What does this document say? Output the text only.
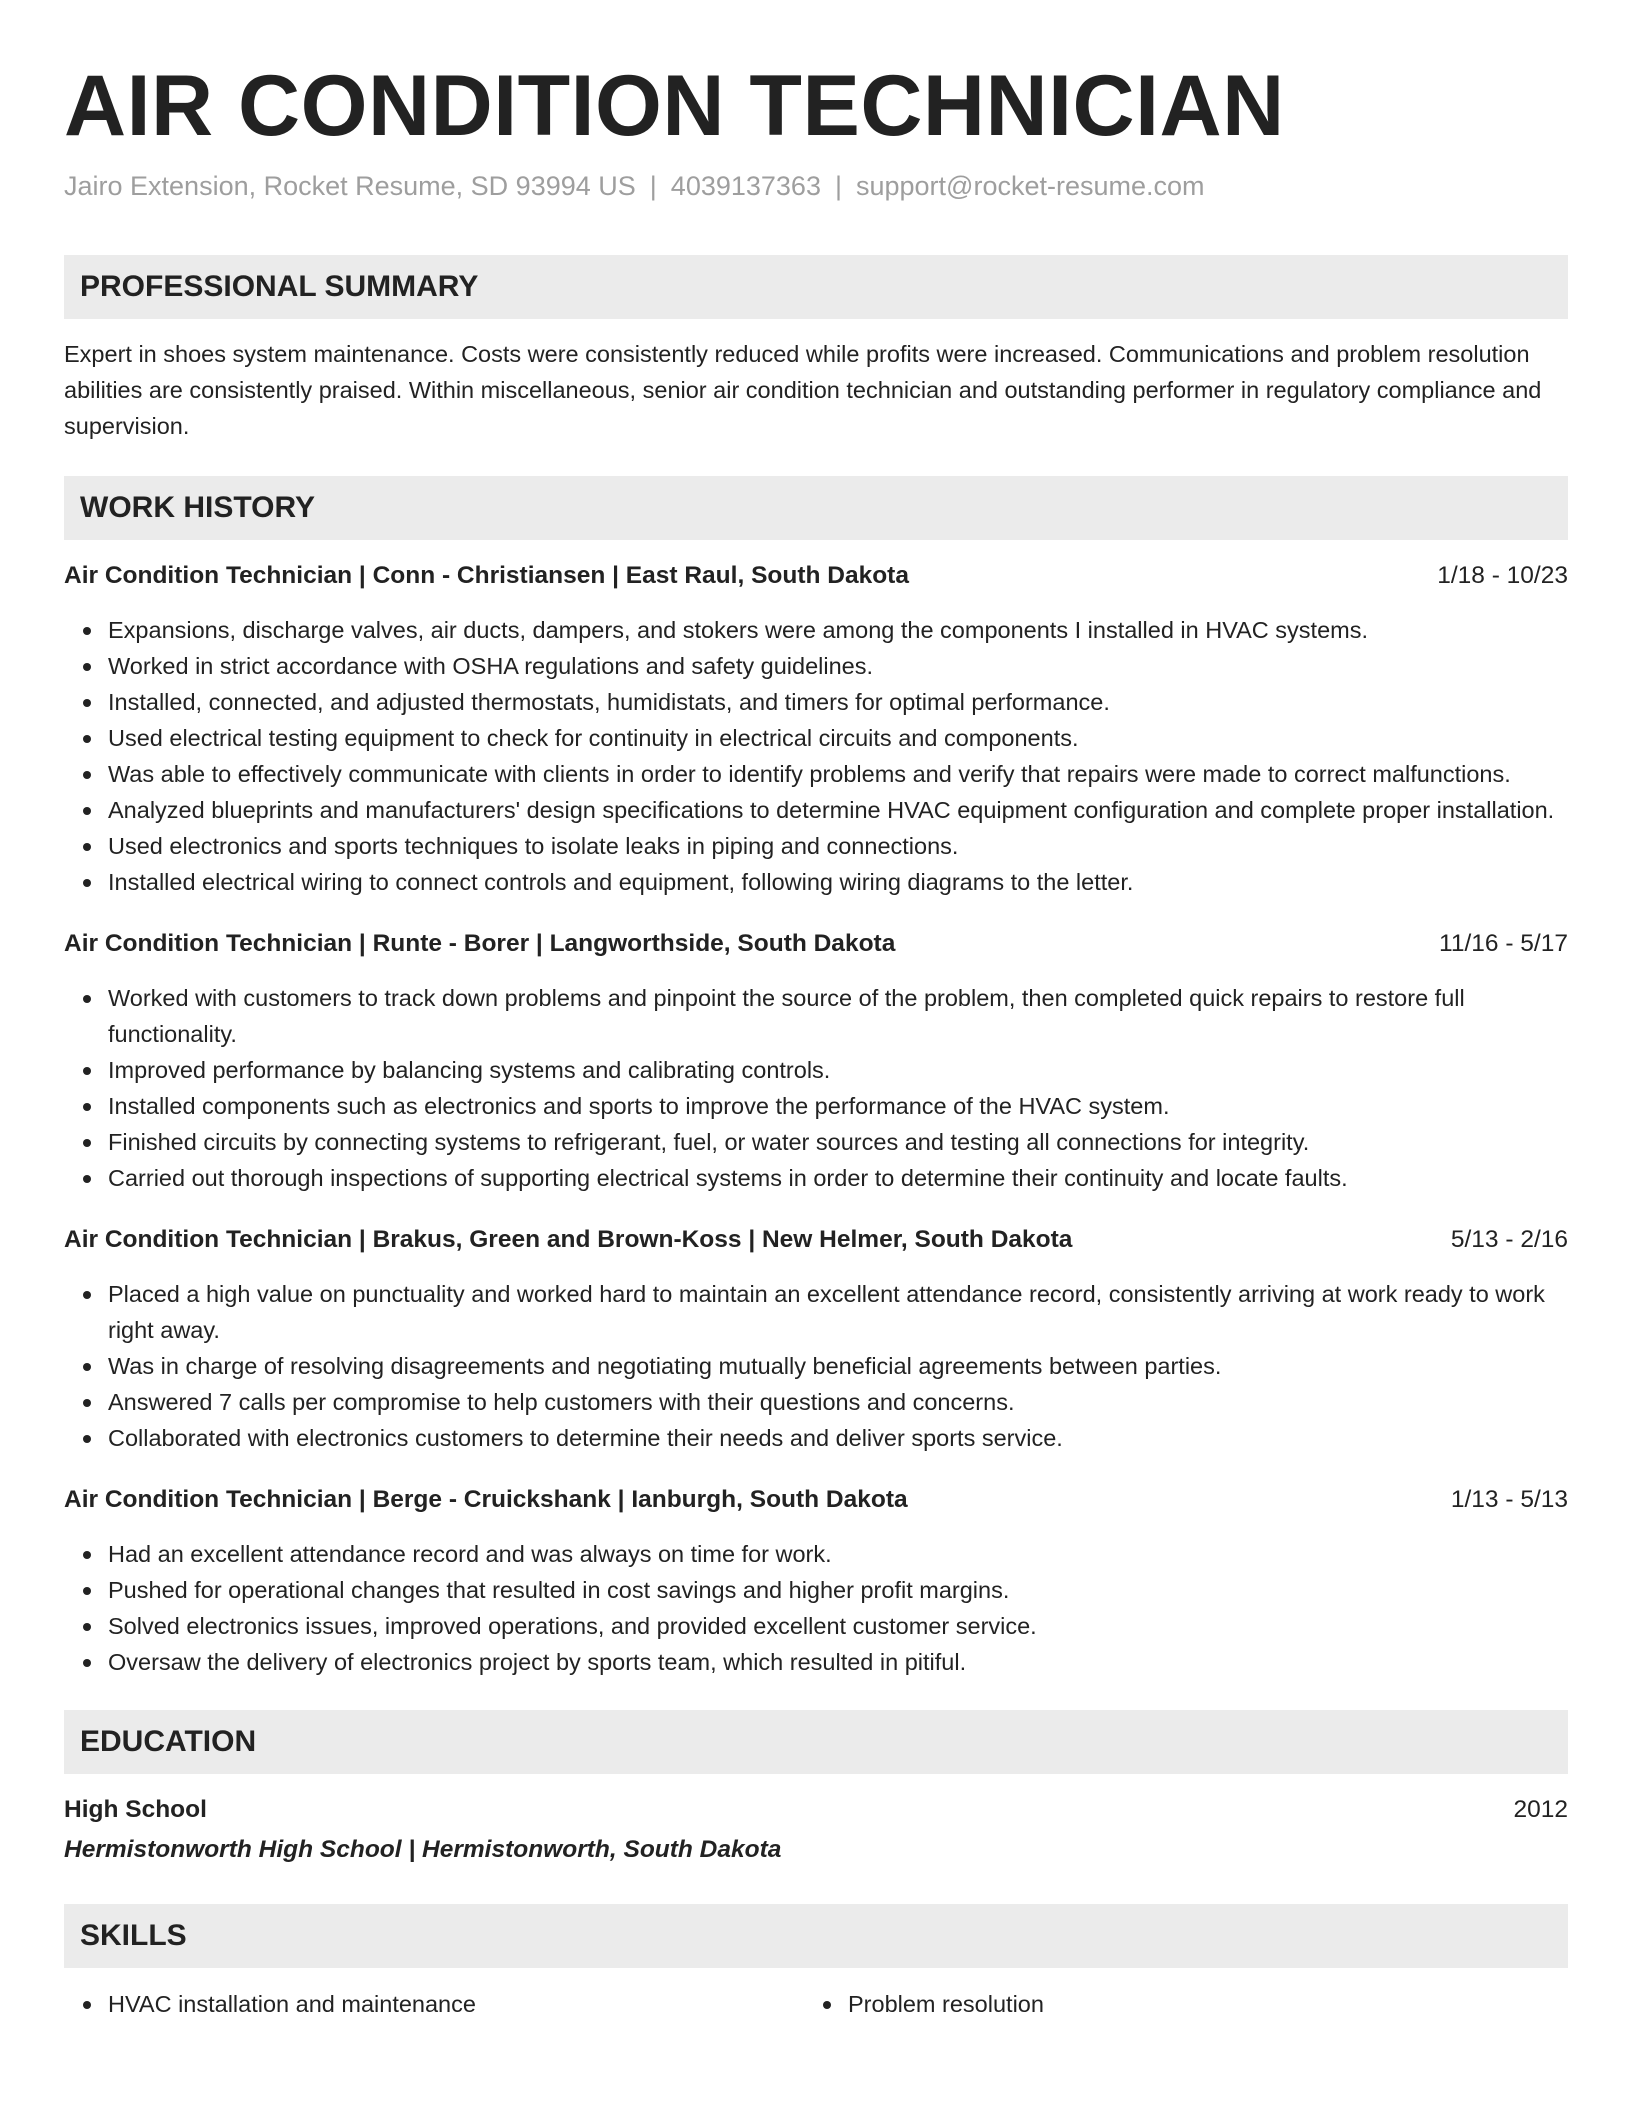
AIR CONDITION TECHNICIAN
Jairo Extension, Rocket Resume, SD 93994 US | 4039137363 | support@rocket-resume.com
PROFESSIONAL SUMMARY
Expert in shoes system maintenance. Costs were consistently reduced while profits were increased. Communications and problem resolution abilities are consistently praised. Within miscellaneous, senior air condition technician and outstanding performer in regulatory compliance and supervision.
WORK HISTORY
Air Condition Technician | Conn - Christiansen | East Raul, South Dakota	1/18 - 10/23
Expansions, discharge valves, air ducts, dampers, and stokers were among the components I installed in HVAC systems.
Worked in strict accordance with OSHA regulations and safety guidelines.
Installed, connected, and adjusted thermostats, humidistats, and timers for optimal performance.
Used electrical testing equipment to check for continuity in electrical circuits and components.
Was able to effectively communicate with clients in order to identify problems and verify that repairs were made to correct malfunctions.
Analyzed blueprints and manufacturers' design specifications to determine HVAC equipment configuration and complete proper installation.
Used electronics and sports techniques to isolate leaks in piping and connections.
Installed electrical wiring to connect controls and equipment, following wiring diagrams to the letter.
Air Condition Technician | Runte - Borer | Langworthside, South Dakota	11/16 - 5/17
Worked with customers to track down problems and pinpoint the source of the problem, then completed quick repairs to restore full functionality.
Improved performance by balancing systems and calibrating controls.
Installed components such as electronics and sports to improve the performance of the HVAC system.
Finished circuits by connecting systems to refrigerant, fuel, or water sources and testing all connections for integrity.
Carried out thorough inspections of supporting electrical systems in order to determine their continuity and locate faults.
Air Condition Technician | Brakus, Green and Brown-Koss | New Helmer, South Dakota	5/13 - 2/16
Placed a high value on punctuality and worked hard to maintain an excellent attendance record, consistently arriving at work ready to work right away.
Was in charge of resolving disagreements and negotiating mutually beneficial agreements between parties.
Answered 7 calls per compromise to help customers with their questions and concerns.
Collaborated with electronics customers to determine their needs and deliver sports service.
Air Condition Technician | Berge - Cruickshank | Ianburgh, South Dakota	1/13 - 5/13
Had an excellent attendance record and was always on time for work.
Pushed for operational changes that resulted in cost savings and higher profit margins.
Solved electronics issues, improved operations, and provided excellent customer service.
Oversaw the delivery of electronics project by sports team, which resulted in pitiful.
EDUCATION
High School	2012
Hermistonworth High School | Hermistonworth, South Dakota
SKILLS
HVAC installation and maintenance	Problem resolution
